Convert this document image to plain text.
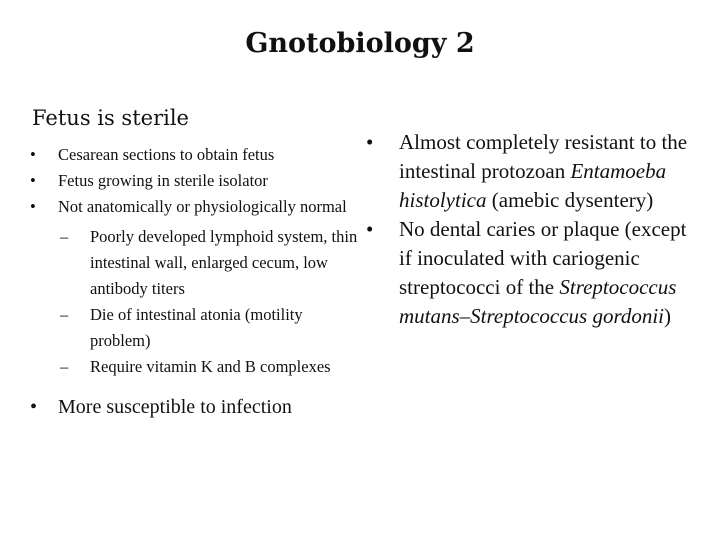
Gnotobiology 2
Fetus is sterile
• Cesarean sections to obtain fetus
• Fetus growing in sterile isolator
• Not anatomically or physiologically normal
– Poorly developed lymphoid system, thin intestinal wall, enlarged cecum, low antibody titers
– Die of intestinal atonia (motility problem)
– Require vitamin K and B complexes
• More susceptible to infection
• Almost completely resistant to the intestinal protozoan Entamoeba histolytica (amebic dysentery)
• No dental caries or plaque (except if inoculated with cariogenic streptococci of the Streptococcus mutans–Streptococcus gordonii)
